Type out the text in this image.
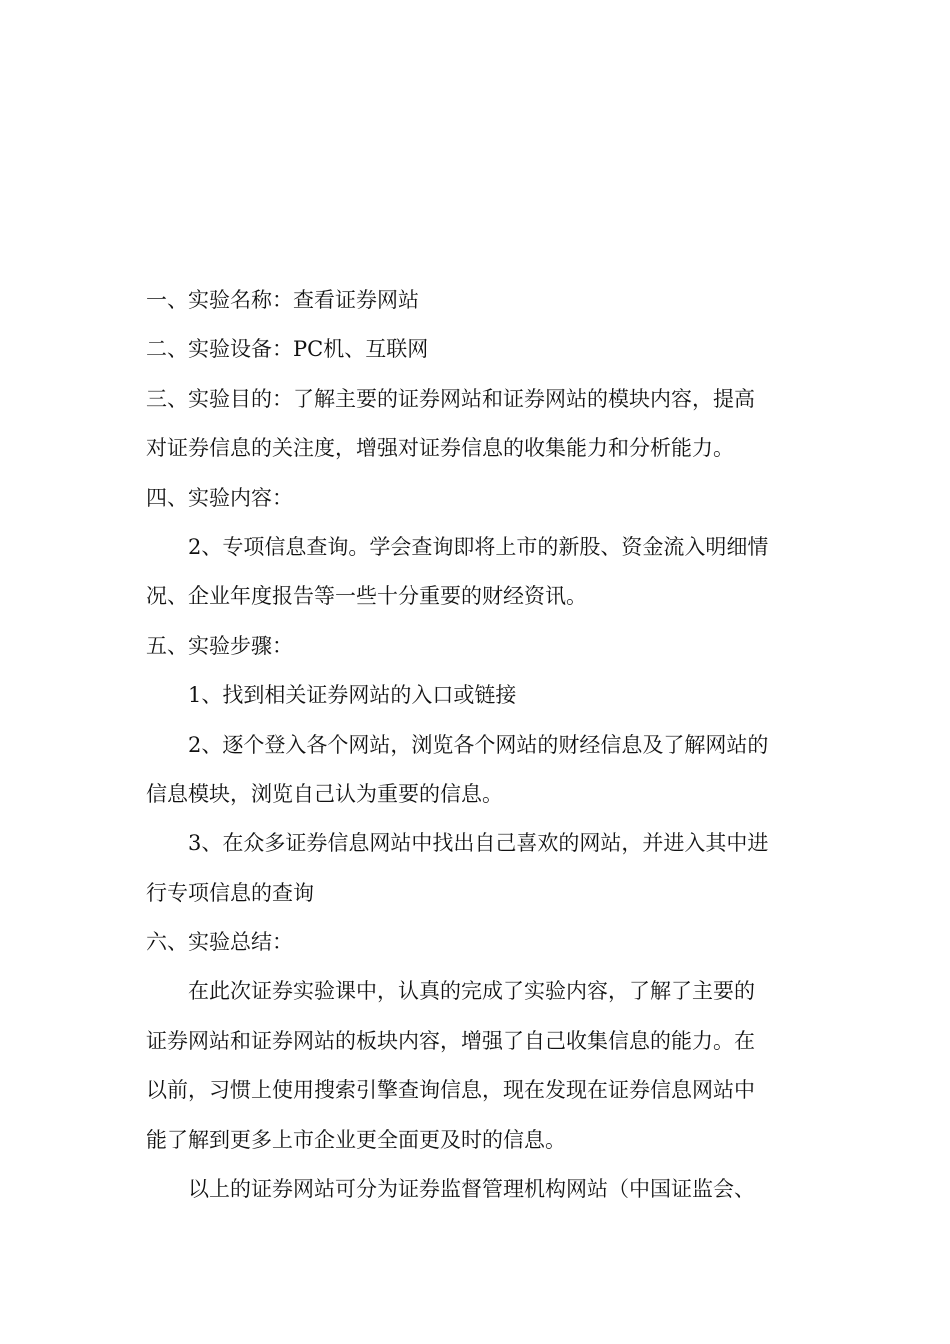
一、实验名称：查看证券网站
二、实验设备：PC机、互联网
三、实验目的：了解主要的证券网站和证券网站的模块内容，提高
对证券信息的关注度，增强对证券信息的收集能力和分析能力。
四、实验内容：
2、专项信息查询。学会查询即将上市的新股、资金流入明细情
况、企业年度报告等一些十分重要的财经资讯。
五、实验步骤：
1、找到相关证券网站的入口或链接
2、逐个登入各个网站，浏览各个网站的财经信息及了解网站的
信息模块，浏览自己认为重要的信息。
3、在众多证券信息网站中找出自己喜欢的网站，并进入其中进
行专项信息的查询
六、实验总结：
在此次证券实验课中，认真的完成了实验内容，了解了主要的
证券网站和证券网站的板块内容，增强了自己收集信息的能力。在
以前，习惯上使用搜索引擎查询信息，现在发现在证券信息网站中
能了解到更多上市企业更全面更及时的信息。
以上的证券网站可分为证券监督管理机构网站（中国证监会、
